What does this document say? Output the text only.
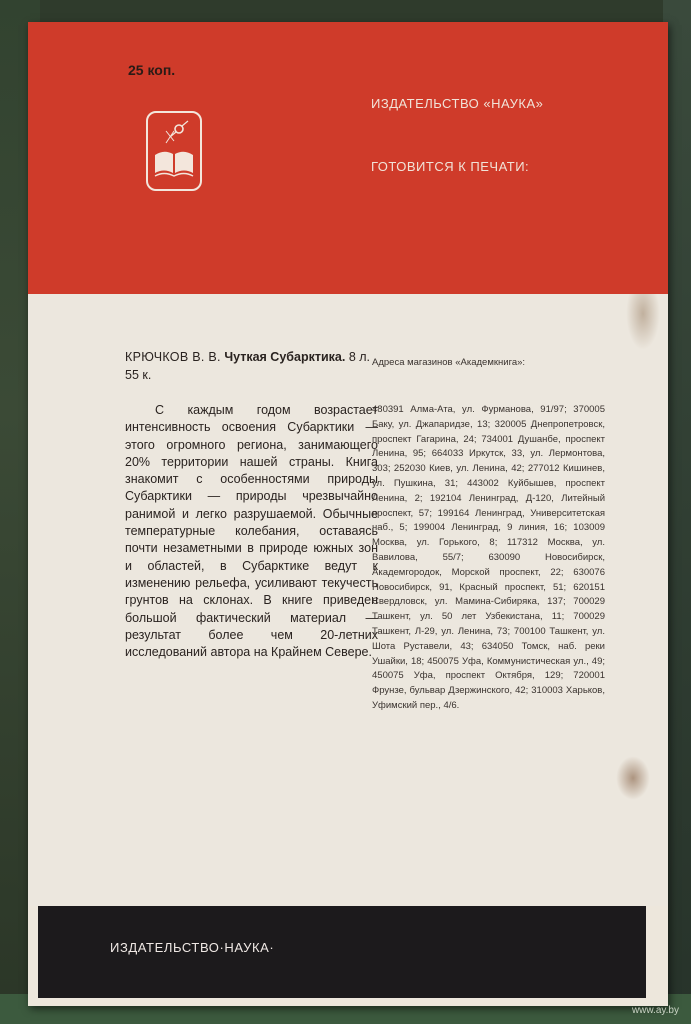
25 коп.
ИЗДАТЕЛЬСТВО «НАУКА»
ГОТОВИТСЯ К ПЕЧАТИ:
КРЮЧКОВ В. В. Чуткая Субарктика. 8 л. 55 к.
С каждым годом возрастает интенсивность освоения Субарктики — этого огромного региона, занимающего 20% территории нашей страны. Книга знакомит с особенностями природы Субарктики — природы чрезвычайно ранимой и легко разрушаемой. Обычные температурные колебания, оставаясь почти незаметными в природе южных зон и областей, в Субарктике ведут к изменению рельефа, усиливают текучесть грунтов на склонах. В книге приведен большой фактический материал — результат более чем 20-летних исследований автора на Крайнем Севере.
Адреса магазинов «Академкнига»:
480391 Алма-Ата, ул. Фурманова, 91/97; 370005 Баку, ул. Джапаридзе, 13; 320005 Днепропетровск, проспект Гагарина, 24; 734001 Душанбе, проспект Ленина, 95; 664033 Иркутск, 33, ул. Лермонтова, 303; 252030 Киев, ул. Ленина, 42; 277012 Кишинев, ул. Пушкина, 31; 443002 Куйбышев, проспект Ленина, 2; 192104 Ленинград, Д-120, Литейный проспект, 57; 199164 Ленинград, Университетская наб., 5; 199004 Ленинград, 9 линия, 16; 103009 Москва, ул. Горького, 8; 117312 Москва, ул. Вавилова, 55/7; 630090 Новосибирск, Академгородок, Морской проспект, 22; 630076 Новосибирск, 91, Красный проспект, 51; 620151 Свердловск, ул. Мамина-Сибиряка, 137; 700029 Ташкент, ул. 50 лет Узбекистана, 11; 700029 Ташкент, Л-29, ул. Ленина, 73; 700100 Ташкент, ул. Шота Руставели, 43; 634050 Томск, наб. реки Ушайки, 18; 450075 Уфа, Коммунистическая ул., 49; 450075 Уфа, проспект Октября, 129; 720001 Фрунзе, бульвар Дзержинского, 42; 310003 Харьков, Уфимский пер., 4/6.
ИЗДАТЕЛЬСТВО·НАУКА·
www.ay.by
